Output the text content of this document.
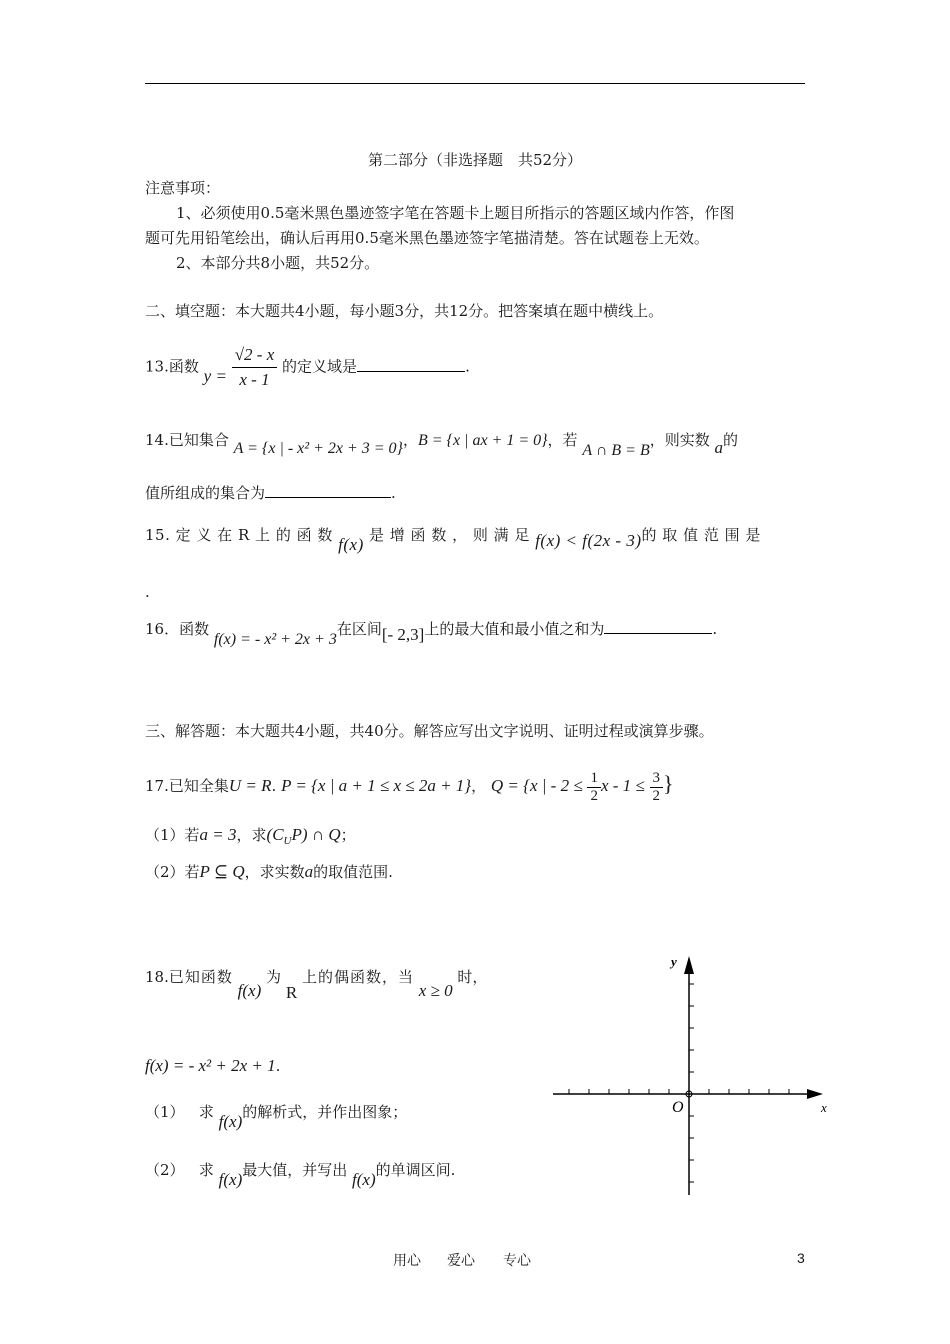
第二部分（非选择题　共52分）
注意事项：
1、必须使用0.5毫米黑色墨迹签字笔在答题卡上题目所指示的答题区域内作答，作图
题可先用铅笔绘出，确认后再用0.5毫米黑色墨迹签字笔描清楚。答在试题卷上无效。
2、本部分共8小题，共52分。
二、填空题：本大题共4小题，每小题3分，共12分。把答案填在题中横线上。
13.函数 $y = \frac{√2 - x}{x - 1}$ 的定义域是	.
14.已知集合 A = {x | - x² + 2x + 3 = 0}，B = {x | ax + 1 = 0}，若 A ∩ B = B，则实数 a的
值所组成的集合为	.
15. 定 义 在 R 上 的 函 数 f(x) 是 增 函 数 ， 则 满 足 f(x) < f(2x - 3)的 取 值 范 围 是
.
16．函数 f(x) = - x² + 2x + 3在区间[- 2,3]上的最大值和最小值之和为	.
三、解答题：本大题共4小题，共40分。解答应写出文字说明、证明过程或演算步骤。
17.已知全集U = R. P = {x | a + 1 ≤ x ≤ 2a + 1}， Q = {x | - $2 \le \frac{1}{2}$ $x - 1 \le \frac{3}{2}$ }
（1）若a = 3，求$(C_UP)$ ∩ Q；
（2）若P ⊆ Q，求实数a的取值范围.
18.已知函数 f(x) 为 R 上的偶函数，当 x ≥ 0 时，
f(x) = - x² + 2x + 1.
（1） 求 f(x)的解析式，并作出图象；
（2） 求 f(x)最大值，并写出 f(x)的单调区间.
y
x
O
用心 爱心 专心	3
